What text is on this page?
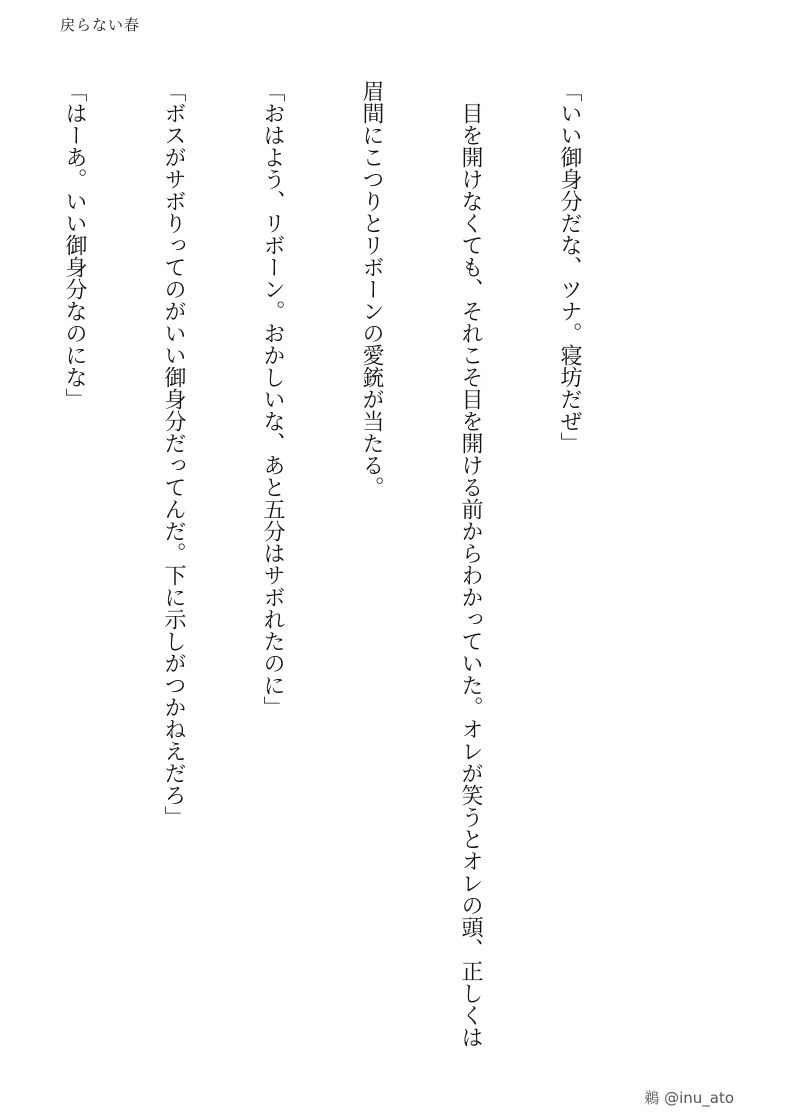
戻らない春

「いい御身分だな、ツナ。寝坊だぜ」

　目を開けなくても、それこそ目を開ける前からわかっていた。オレが笑うとオレの頭、正しくは

眉間にこつりとリボーンの愛銃が当たる。

「おはよう、リボーン。おかしいな、あと五分はサボれたのに」

「ボスがサボりってのがいい御身分だってんだ。下に示しがつかねえだろ」

「はーあ。いい御身分なのにな」

鵜 @inu_ato
